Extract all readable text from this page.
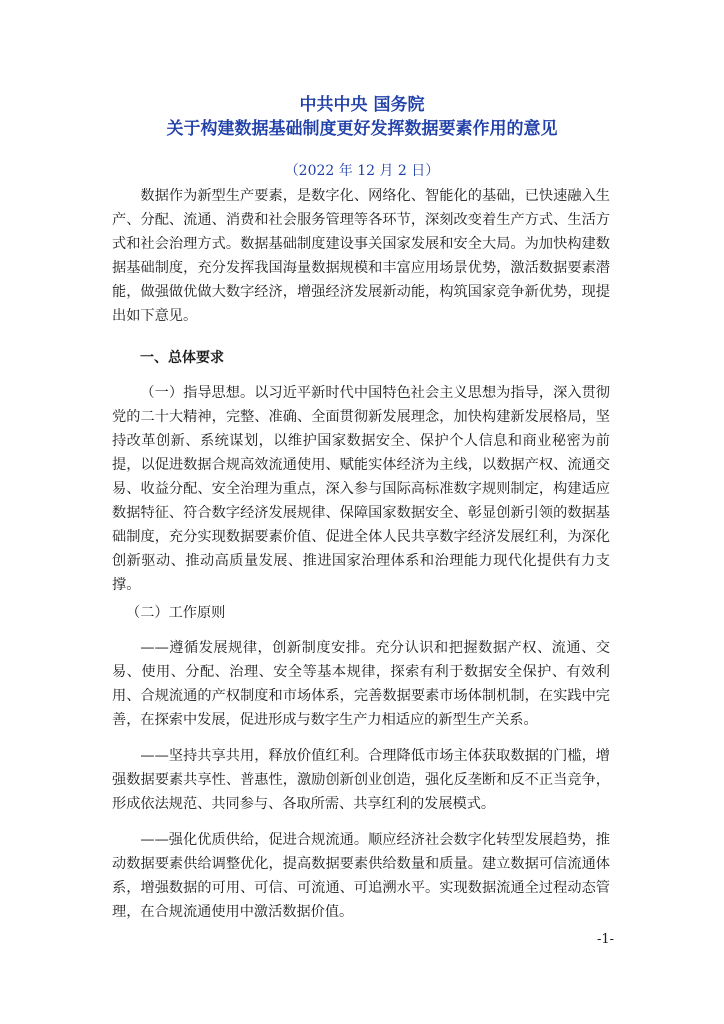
中共中央 国务院
关于构建数据基础制度更好发挥数据要素作用的意见
（2022 年 12 月 2 日）

数据作为新型生产要素，是数字化、网络化、智能化的基础，已快速融入生产、分配、流通、消费和社会服务管理等各环节，深刻改变着生产方式、生活方式和社会治理方式。数据基础制度建设事关国家发展和安全大局。为加快构建数据基础制度，充分发挥我国海量数据规模和丰富应用场景优势，激活数据要素潜能，做强做优做大数字经济，增强经济发展新动能，构筑国家竞争新优势，现提出如下意见。

一、总体要求

（一）指导思想。以习近平新时代中国特色社会主义思想为指导，深入贯彻党的二十大精神，完整、准确、全面贯彻新发展理念，加快构建新发展格局，坚持改革创新、系统谋划，以维护国家数据安全、保护个人信息和商业秘密为前提，以促进数据合规高效流通使用、赋能实体经济为主线，以数据产权、流通交易、收益分配、安全治理为重点，深入参与国际高标准数字规则制定，构建适应数据特征、符合数字经济发展规律、保障国家数据安全、彰显创新引领的数据基础制度，充分实现数据要素价值、促进全体人民共享数字经济发展红利，为深化创新驱动、推动高质量发展、推进国家治理体系和治理能力现代化提供有力支撑。

（二）工作原则

——遵循发展规律，创新制度安排。充分认识和把握数据产权、流通、交易、使用、分配、治理、安全等基本规律，探索有利于数据安全保护、有效利用、合规流通的产权制度和市场体系，完善数据要素市场体制机制，在实践中完善，在探索中发展，促进形成与数字生产力相适应的新型生产关系。

——坚持共享共用，释放价值红利。合理降低市场主体获取数据的门槛，增强数据要素共享性、普惠性，激励创新创业创造，强化反垄断和反不正当竞争，形成依法规范、共同参与、各取所需、共享红利的发展模式。

——强化优质供给，促进合规流通。顺应经济社会数字化转型发展趋势，推动数据要素供给调整优化，提高数据要素供给数量和质量。建立数据可信流通体系，增强数据的可用、可信、可流通、可追溯水平。实现数据流通全过程动态管理，在合规流通使用中激活数据价值。

-1-
